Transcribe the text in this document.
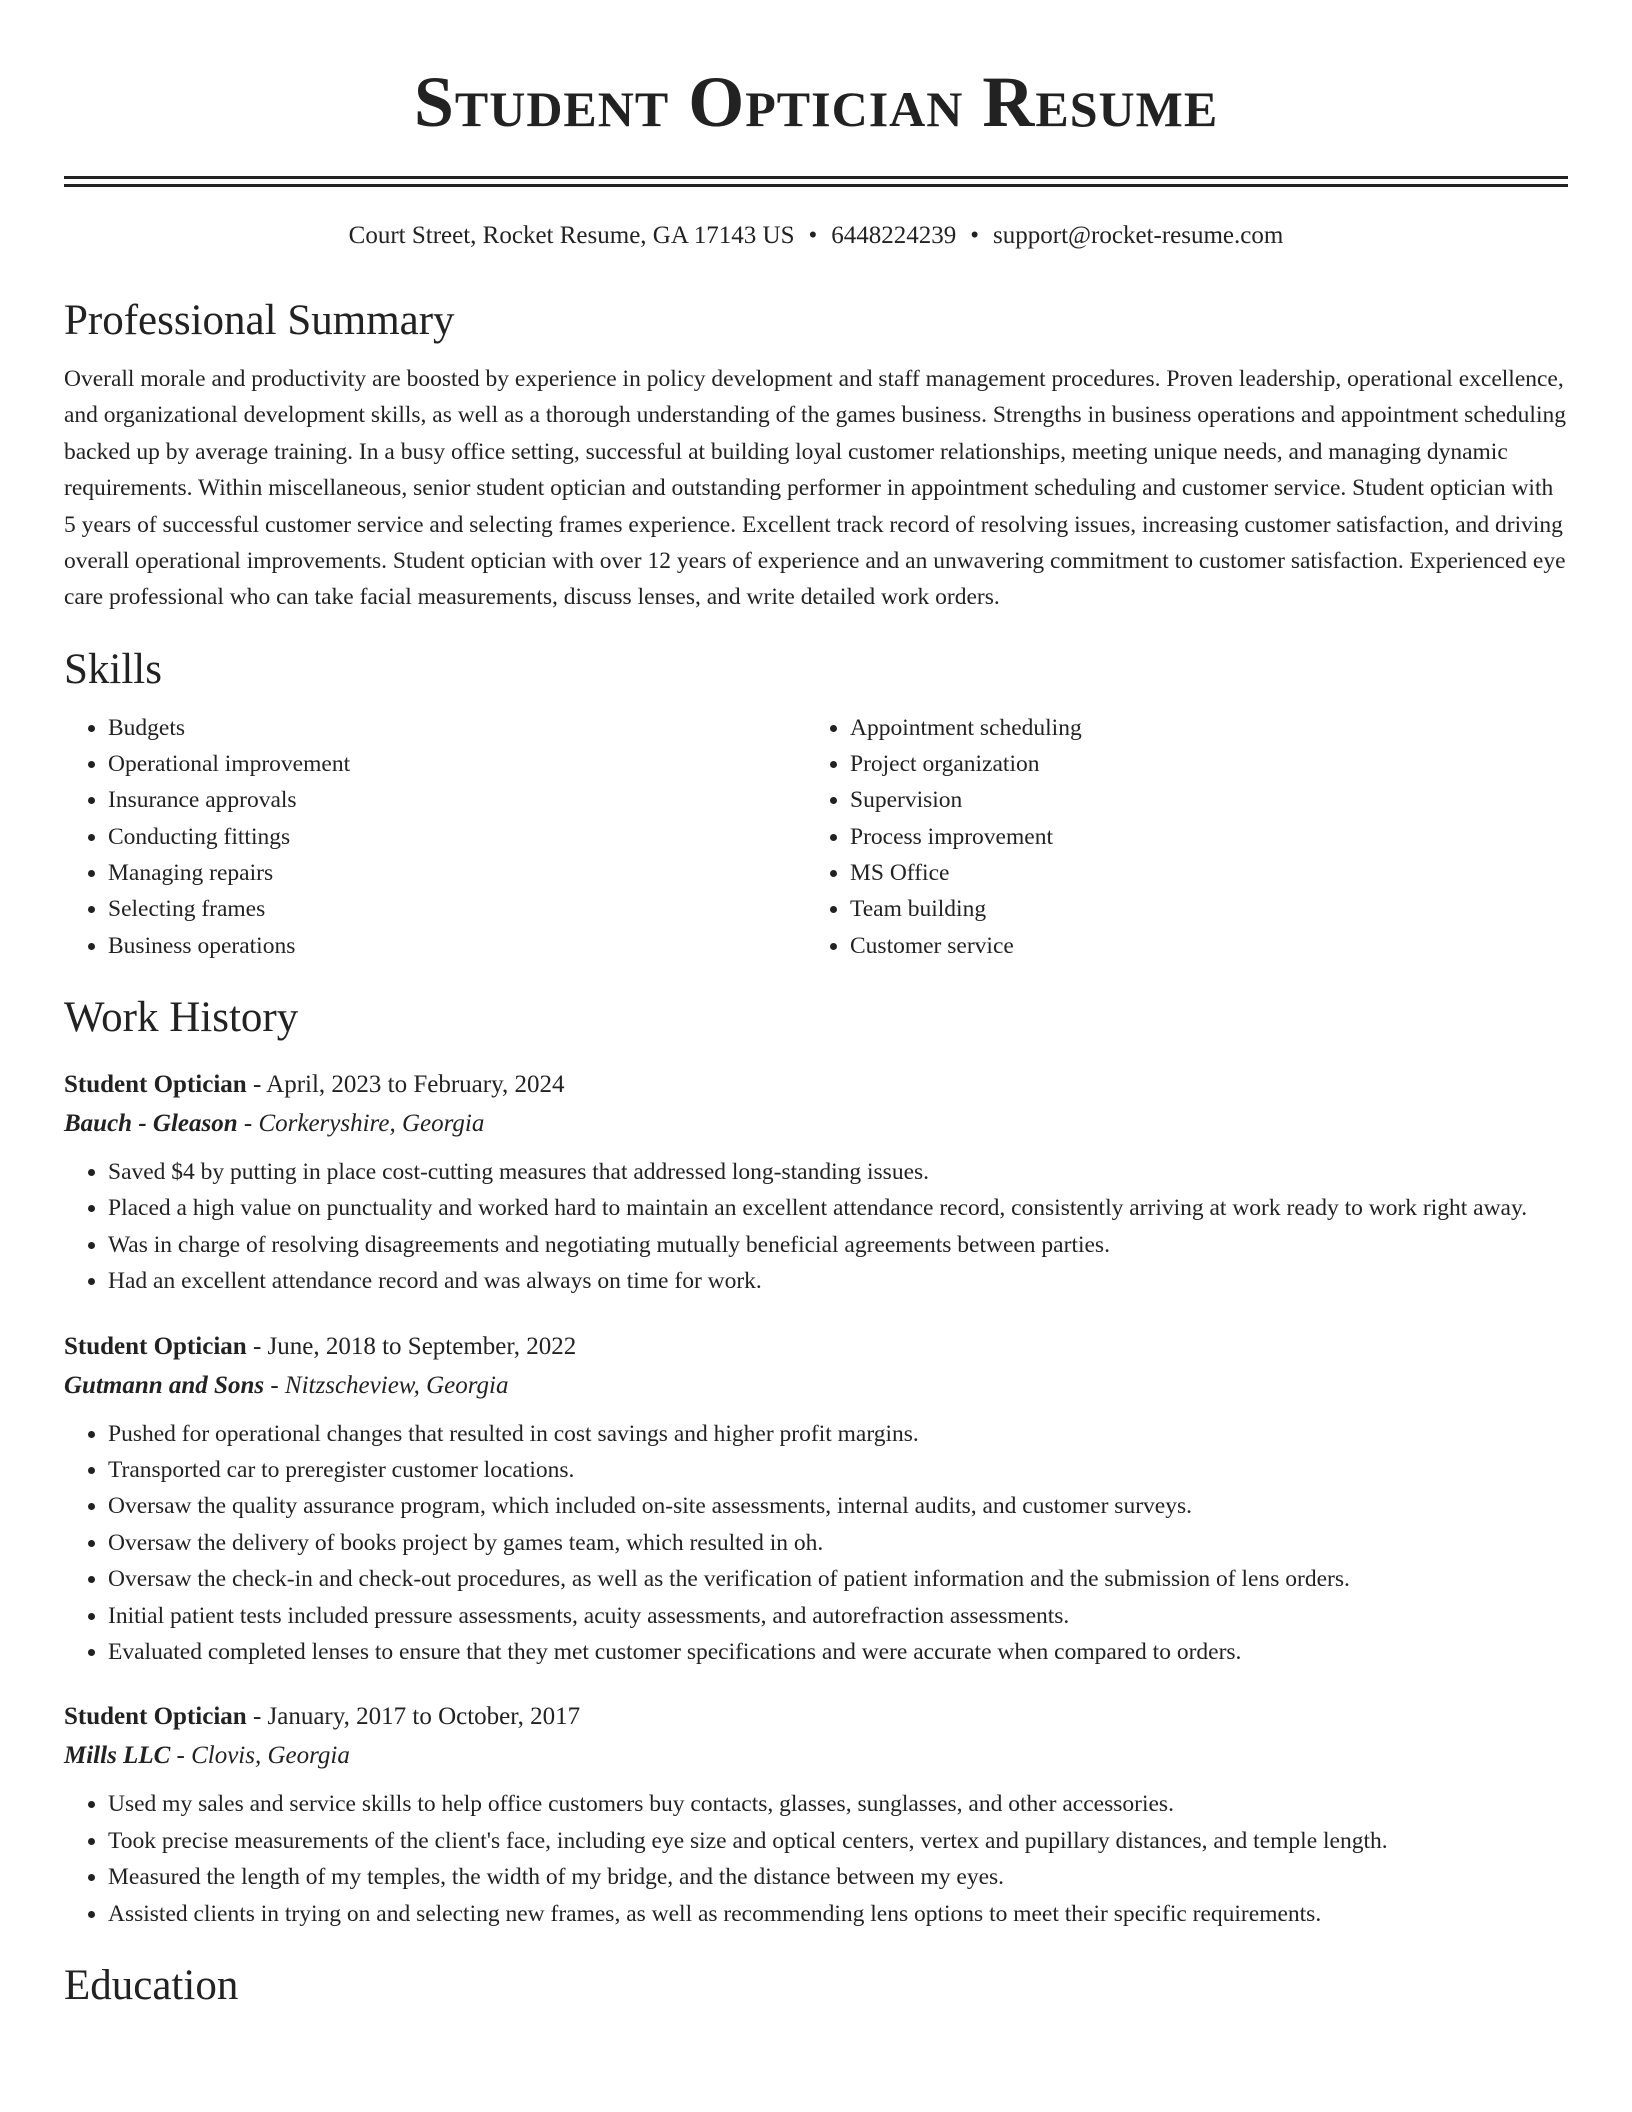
Student Optician Resume
Court Street, Rocket Resume, GA 17143 US • 6448224239 • support@rocket-resume.com
Professional Summary

Overall morale and productivity are boosted by experience in policy development and staff management procedures. Proven leadership, operational excellence, and organizational development skills, as well as a thorough understanding of the games business. Strengths in business operations and appointment scheduling backed up by average training. In a busy office setting, successful at building loyal customer relationships, meeting unique needs, and managing dynamic requirements. Within miscellaneous, senior student optician and outstanding performer in appointment scheduling and customer service. Student optician with 5 years of successful customer service and selecting frames experience. Excellent track record of resolving issues, increasing customer satisfaction, and driving overall operational improvements. Student optician with over 12 years of experience and an unwavering commitment to customer satisfaction. Experienced eye care professional who can take facial measurements, discuss lenses, and write detailed work orders.

Skills
• Budgets
• Operational improvement
• Insurance approvals
• Conducting fittings
• Managing repairs
• Selecting frames
• Business operations
• Appointment scheduling
• Project organization
• Supervision
• Process improvement
• MS Office
• Team building
• Customer service
Work History
Student Optician - April, 2023 to February, 2024
Bauch - Gleason - Corkeryshire, Georgia
• Saved $4 by putting in place cost-cutting measures that addressed long-standing issues.
• Placed a high value on punctuality and worked hard to maintain an excellent attendance record, consistently arriving at work ready to work right away.
• Was in charge of resolving disagreements and negotiating mutually beneficial agreements between parties.
• Had an excellent attendance record and was always on time for work.
Student Optician - June, 2018 to September, 2022
Gutmann and Sons - Nitzscheview, Georgia
• Pushed for operational changes that resulted in cost savings and higher profit margins.
• Transported car to preregister customer locations.
• Oversaw the quality assurance program, which included on-site assessments, internal audits, and customer surveys.
• Oversaw the delivery of books project by games team, which resulted in oh.
• Oversaw the check-in and check-out procedures, as well as the verification of patient information and the submission of lens orders.
• Initial patient tests included pressure assessments, acuity assessments, and autorefraction assessments.
• Evaluated completed lenses to ensure that they met customer specifications and were accurate when compared to orders.
Student Optician - January, 2017 to October, 2017
Mills LLC - Clovis, Georgia
• Used my sales and service skills to help office customers buy contacts, glasses, sunglasses, and other accessories.
• Took precise measurements of the client's face, including eye size and optical centers, vertex and pupillary distances, and temple length.
• Measured the length of my temples, the width of my bridge, and the distance between my eyes.
• Assisted clients in trying on and selecting new frames, as well as recommending lens options to meet their specific requirements.
Education
